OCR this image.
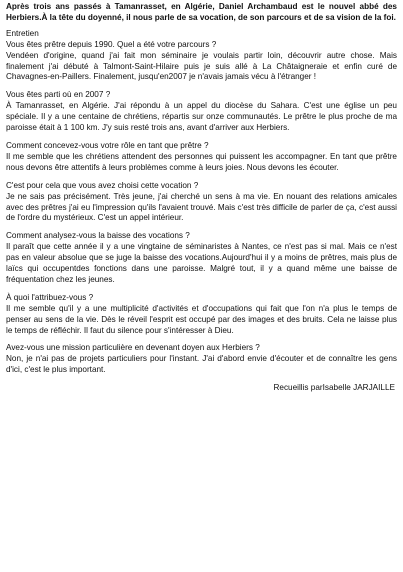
Après trois ans passés à Tamanrasset, en Algérie, Daniel Archambaud est le nouvel abbé des Herbiers.À la tête du doyenné, il nous parle de sa vocation, de son parcours et de sa vision de la foi.

Entretien

Vous êtes prêtre depuis 1990. Quel a été votre parcours ?

Vendéen d'origine, quand j'ai fait mon séminaire je voulais partir loin, découvrir autre chose. Mais finalement j'ai débuté à Talmont-Saint-Hilaire puis je suis allé à La Châtaigneraie et enfin curé de Chavagnes-en-Paillers. Finalement, jusqu'en2007 je n'avais jamais vécu à l'étranger !

Vous êtes parti où en 2007 ?

À Tamanrasset, en Algérie. J'ai répondu à un appel du diocèse du Sahara. C'est une église un peu spéciale. Il y a une centaine de chrétiens, répartis sur onze communautés. Le prêtre le plus proche de ma paroisse était à 1 100 km. J'y suis resté trois ans, avant d'arriver aux Herbiers.

Comment concevez-vous votre rôle en tant que prêtre ?

Il me semble que les chrétiens attendent des personnes qui puissent les accompagner. En tant que prêtre nous devons être attentifs à leurs problèmes comme à leurs joies. Nous devons les écouter.

C'est pour cela que vous avez choisi cette vocation ?

Je ne sais pas précisément. Très jeune, j'ai cherché un sens à ma vie. En nouant des relations amicales avec des prêtres j'ai eu l'impression qu'ils l'avaient trouvé. Mais c'est très difficile de parler de ça, c'est aussi de l'ordre du mystérieux. C'est un appel intérieur.

Comment analysez-vous la baisse des vocations ?

Il paraît que cette année il y a une vingtaine de séminaristes à Nantes, ce n'est pas si mal. Mais ce n'est pas en valeur absolue que se juge la baisse des vocations.Aujourd'hui il y a moins de prêtres, mais plus de laïcs qui occupentdes fonctions dans une paroisse. Malgré tout, il y a quand même une baisse de fréquentation chez les jeunes.

À quoi l'attribuez-vous ?

Il me semble qu'il y a une multiplicité d'activités et d'occupations qui fait que l'on n'a plus le temps de penser au sens de la vie. Dès le réveil l'esprit est occupé par des images et des bruits. Cela ne laisse plus le temps de réfléchir. Il faut du silence pour s'intéresser à Dieu.

Avez-vous une mission particulière en devenant doyen aux Herbiers ?

Non, je n'ai pas de projets particuliers pour l'instant. J'ai d'abord envie d'écouter et de connaître les gens d'ici, c'est le plus important.

Recueillis parIsabelle JARJAILLE
